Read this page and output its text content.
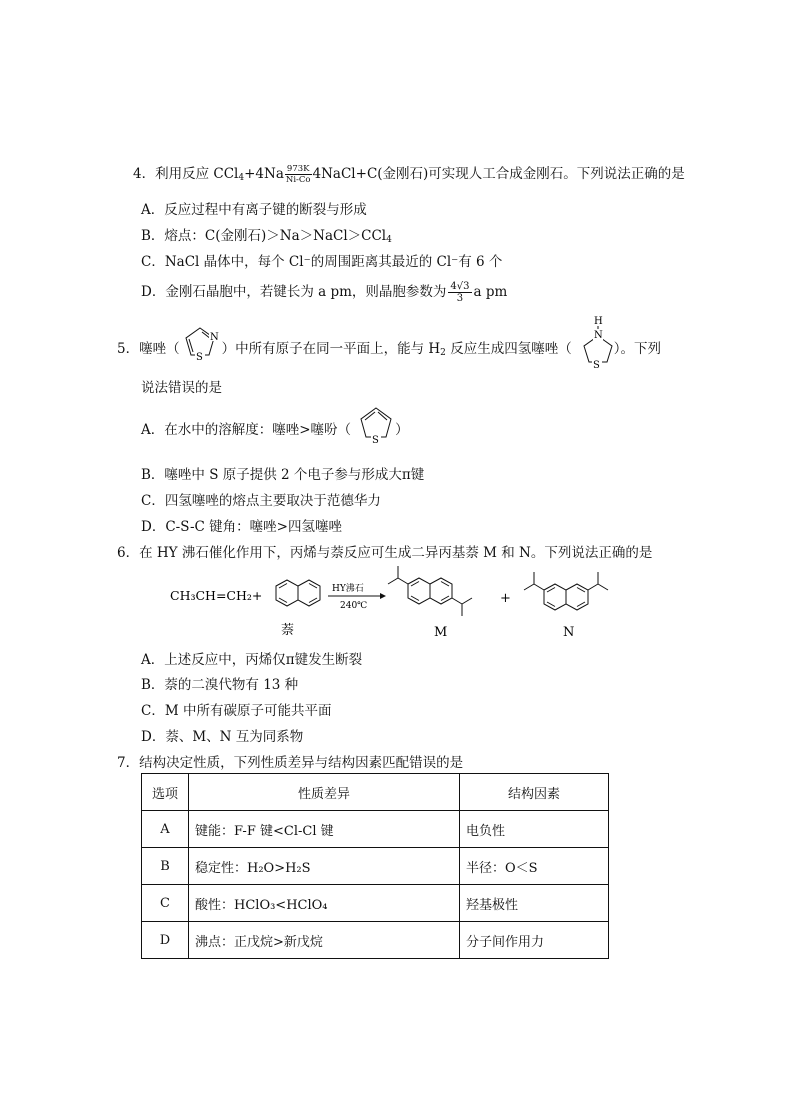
4．利用反应 $CCl_4+4Na \frac{973K}{Ni-Co}$ 4NaCl+C(金刚石)可实现人工合成金刚石。下列说法正确的是
A．反应过程中有离子键的断裂与形成
B．熔点：C(金刚石)＞Na＞NaCl＞CCl$_4$
C．NaCl 晶体中，每个 Cl⁻的周围距离其最近的 Cl⁻有 6 个
D．金刚石晶胞中，若键长为 a pm，则晶胞参数为 $\frac{4√3}{3}$ a pm
5．噻唑（	）中所有原子在同一平面上，能与 $H_2$ 反应生成四氢噻唑（	）。下列
N
S
N
H
S
说法错误的是
A．在水中的溶解度：噻唑>噻吩（	）
S
B．噻唑中 S 原子提供 2 个电子参与形成大π键
C．四氢噻唑的熔点主要取决于范德华力
D．C-S-C 键角：噻唑>四氢噻唑
6．在 HY 沸石催化作用下，丙烯与萘反应可生成二异丙基萘 M 和 N。下列说法正确的是
CH₃CH=CH₂+
萘
HY沸石
240℃
M
+
N
A．上述反应中，丙烯仅π键发生断裂
B．萘的二溴代物有 13 种
C．M 中所有碳原子可能共平面
D．萘、M、N 互为同系物
7．结构决定性质，下列性质差异与结构因素匹配错误的是
选项	性质差异	结构因素
A	键能：F-F 键<Cl-Cl 键	电负性
B	稳定性：H₂O>H₂S	半径：O＜S
C	酸性：HClO₃<HClO₄	羟基极性
D	沸点：正戊烷>新戊烷	分子间作用力
